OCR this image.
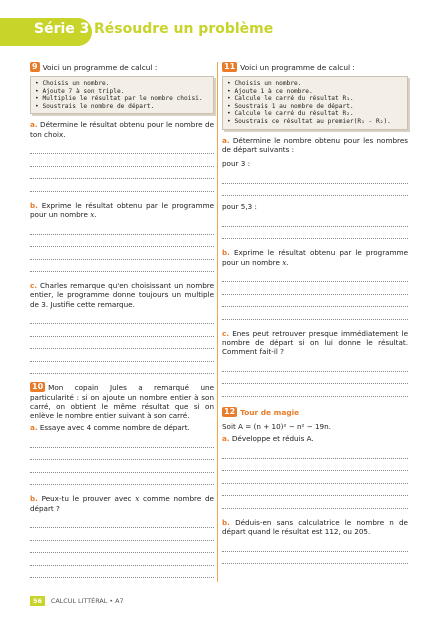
Série 3 Résoudre un problème
9 Voici un programme de calcul :
• Choisis un nombre.
• Ajoute 7 à son triple.
• Multiplie le résultat par le nombre choisi.
• Soustrais le nombre de départ.
a. Détermine le résultat obtenu pour le nombre de ton choix.
b. Exprime le résultat obtenu par le programme pour un nombre x.
c. Charles remarque qu'en choisissant un nombre entier, le programme donne toujours un multiple de 3. Justifie cette remarque.
10 Mon copain Jules a remarqué une particularité : si on ajoute un nombre entier à son carré, on obtient le même résultat que si on enlève le nombre entier suivant à son carré.
a. Essaye avec 4 comme nombre de départ.
b. Peux-tu le prouver avec x comme nombre de départ ?
11 Voici un programme de calcul :
• Choisis un nombre.
• Ajoute 1 à ce nombre.
• Calcule le carré du résultat R₁.
• Soustrais 1 au nombre de départ.
• Calcule le carré du résultat R₂.
• Soustrais ce résultat au premier(R₁ - R₂).
a. Détermine le nombre obtenu pour les nombres de départ suivants :
pour 3 :
pour 5,3 :
b. Exprime le résultat obtenu par le programme pour un nombre x.
c. Enes peut retrouver presque immédiatement le nombre de départ si on lui donne le résultat. Comment fait-il ?
12 Tour de magie
Soit A = (n + 10)² − n² − 19n.
a. Développe et réduis A.
b. Déduis-en sans calculatrice le nombre n de départ quand le résultat est 112, ou 205.
56 CALCUL LITTÉRAL • A7
